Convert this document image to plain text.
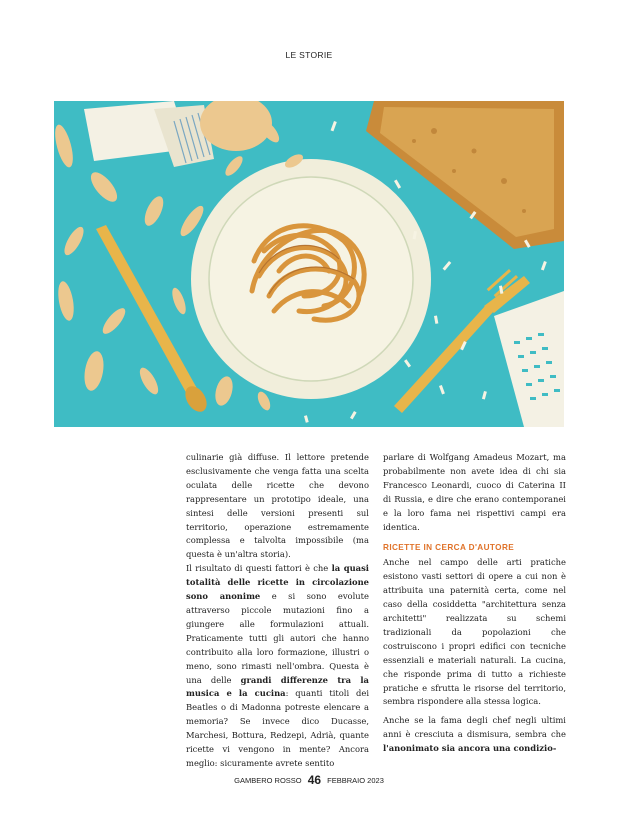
LE STORIE

culinarie già diffuse. Il lettore pretende esclusivamente che venga fatta una scelta oculata delle ricette che devono rappresentare un prototipo ideale, una sintesi delle versioni presenti sul territorio, operazione estremamente complessa e talvolta impossibile (ma questa è un'altra storia).

Il risultato di questi fattori è che la quasi totalità delle ricette in circolazione sono anonime e si sono evolute attraverso piccole mutazioni fino a giungere alle formulazioni attuali. Praticamente tutti gli autori che hanno contribuito alla loro formazione, illustri o meno, sono rimasti nell'ombra. Questa è una delle grandi differenze tra la musica e la cucina: quanti titoli dei Beatles o di Madonna potreste elencare a memoria? Se invece dico Ducasse, Marchesi, Bottura, Redzepi, Adrià, quante ricette vi vengono in mente? Ancora meglio: sicuramente avrete sentito

parlare di Wolfgang Amadeus Mozart, ma probabilmente non avete idea di chi sia Francesco Leonardi, cuoco di Caterina II di Russia, e dire che erano contemporanei e la loro fama nei rispettivi campi era identica.

RICETTE IN CERCA D'AUTORE

Anche nel campo delle arti pratiche esistono vasti settori di opere a cui non è attribuita una paternità certa, come nel caso della cosiddetta "architettura senza architetti" realizzata su schemi tradizionali da popolazioni che costruiscono i propri edifici con tecniche essenziali e materiali naturali. La cucina, che risponde prima di tutto a richieste pratiche e sfrutta le risorse del territorio, sembra rispondere alla stessa logica.

Anche se la fama degli chef negli ultimi anni è cresciuta a dismisura, sembra che l'anonimato sia ancora una condizio-

GAMBERO ROSSO 46 FEBBRAIO 2023
